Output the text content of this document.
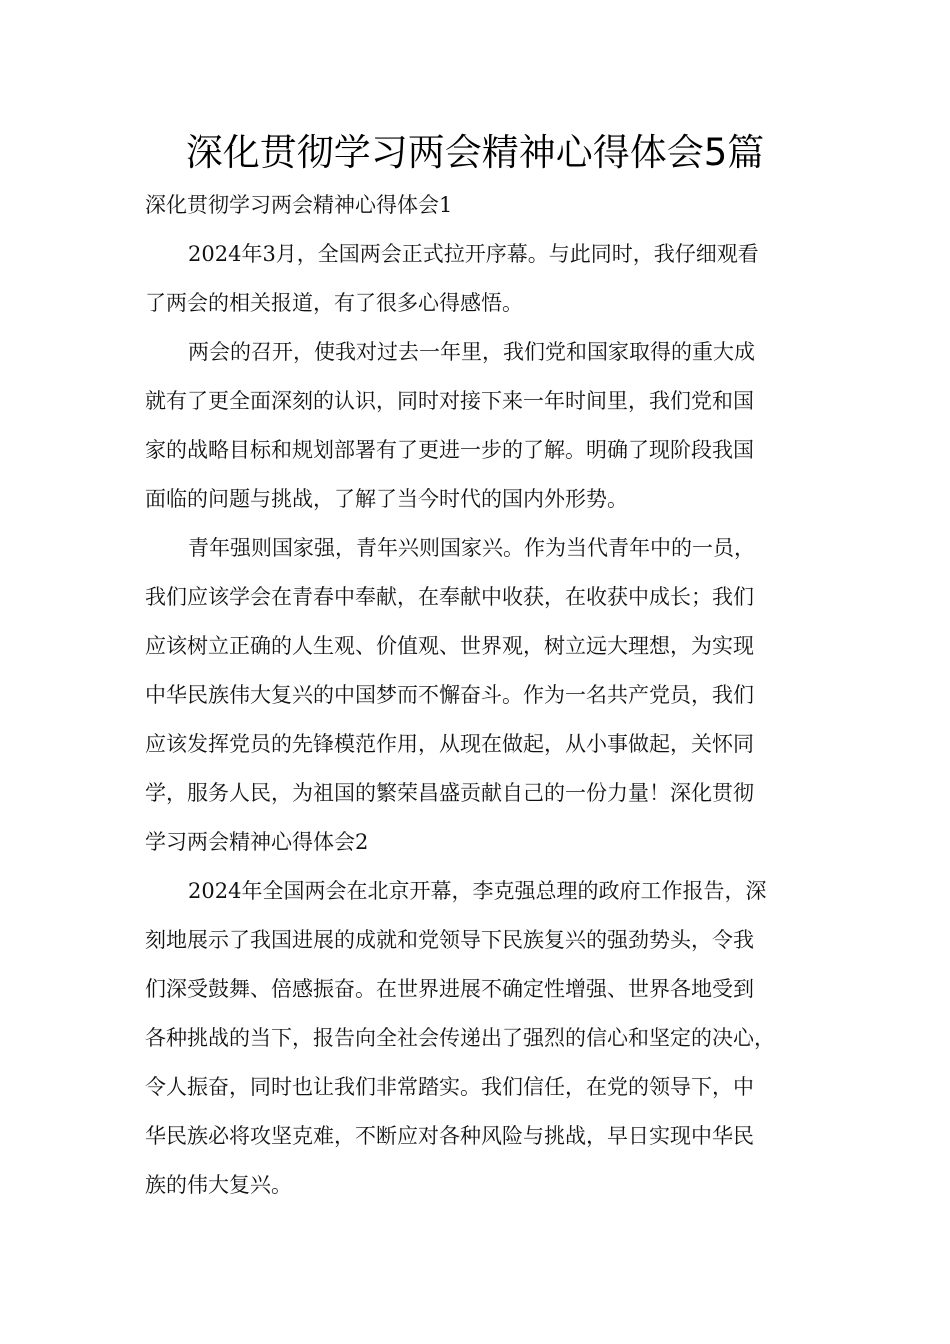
深化贯彻学习两会精神心得体会5篇
深化贯彻学习两会精神心得体会1
2024年3月，全国两会正式拉开序幕。与此同时，我仔细观看
了两会的相关报道，有了很多心得感悟。
两会的召开，使我对过去一年里，我们党和国家取得的重大成
就有了更全面深刻的认识，同时对接下来一年时间里，我们党和国
家的战略目标和规划部署有了更进一步的了解。明确了现阶段我国
面临的问题与挑战，了解了当今时代的国内外形势。
青年强则国家强，青年兴则国家兴。作为当代青年中的一员，
我们应该学会在青春中奉献，在奉献中收获，在收获中成长；我们
应该树立正确的人生观、价值观、世界观，树立远大理想，为实现
中华民族伟大复兴的中国梦而不懈奋斗。作为一名共产党员，我们
应该发挥党员的先锋模范作用，从现在做起，从小事做起，关怀同
学，服务人民，为祖国的繁荣昌盛贡献自己的一份力量！深化贯彻
学习两会精神心得体会2
2024年全国两会在北京开幕，李克强总理的政府工作报告，深
刻地展示了我国进展的成就和党领导下民族复兴的强劲势头，令我
们深受鼓舞、倍感振奋。在世界进展不确定性增强、世界各地受到
各种挑战的当下，报告向全社会传递出了强烈的信心和坚定的决心，
令人振奋，同时也让我们非常踏实。我们信任，在党的领导下，中
华民族必将攻坚克难，不断应对各种风险与挑战，早日实现中华民
族的伟大复兴。
